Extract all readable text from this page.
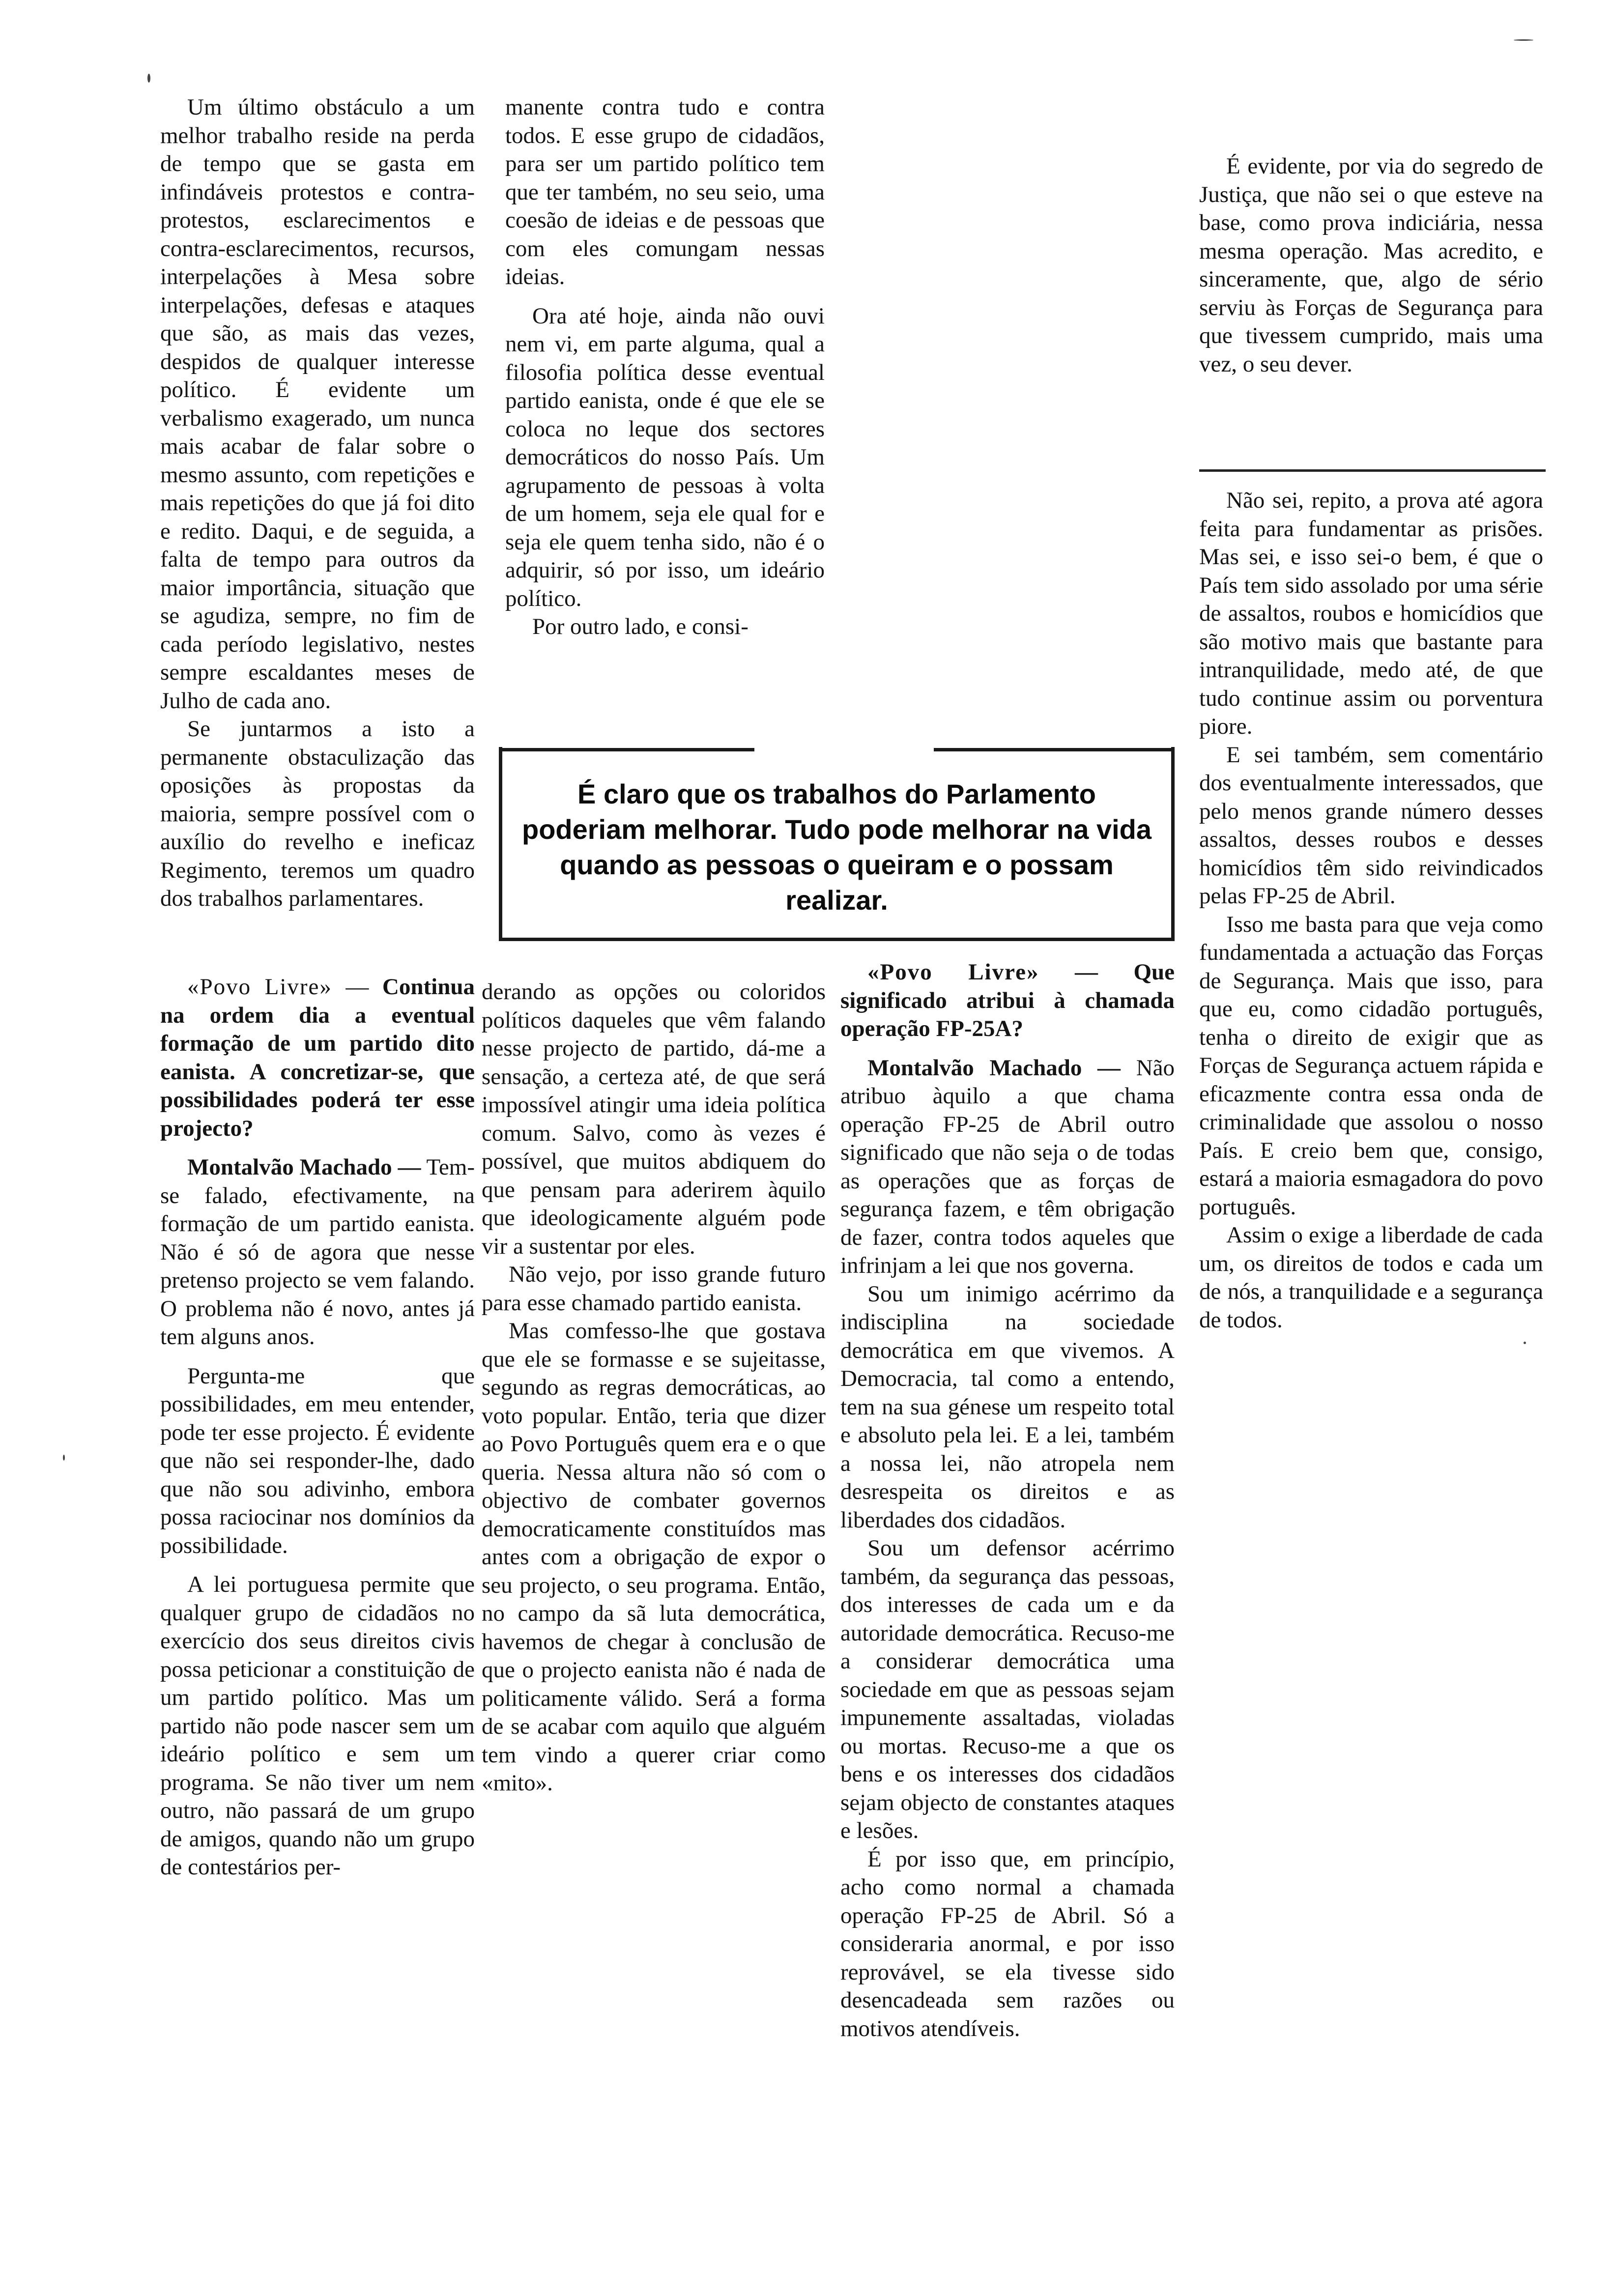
Um último obstáculo a um melhor trabalho reside na perda de tempo que se gasta em infindáveis protestos e contra-protestos, esclarecimentos e contra-esclarecimentos, recursos, interpelações à Mesa sobre interpelações, defesas e ataques que são, as mais das vezes, despidos de qualquer interesse político. É evidente um verbalismo exagerado, um nunca mais acabar de falar sobre o mesmo assunto, com repetições e mais repetições do que já foi dito e redito. Daqui, e de seguida, a falta de tempo para outros da maior importância, situação que se agudiza, sempre, no fim de cada período legislativo, nestes sempre escaldantes meses de Julho de cada ano.

Se juntarmos a isto a permanente obstaculização das oposições às propostas da maioria, sempre possível com o auxílio do revelho e ineficaz Regimento, teremos um quadro dos trabalhos parlamentares.

«Povo Livre» — Continua na ordem dia a eventual formação de um partido dito eanista. A concretizar-se, que possibilidades poderá ter esse projecto?

Montalvão Machado — Tem-se falado, efectivamente, na formação de um partido eanista. Não é só de agora que nesse pretenso projecto se vem falando. O problema não é novo, antes já tem alguns anos.

Pergunta-me que possibilidades, em meu entender, pode ter esse projecto. É evidente que não sei responder-lhe, dado que não sou adivinho, embora possa raciocinar nos domínios da possibilidade.

A lei portuguesa permite que qualquer grupo de cidadãos no exercício dos seus direitos civis possa peticionar a constituição de um partido político. Mas um partido não pode nascer sem um ideário político e sem um programa. Se não tiver um nem outro, não passará de um grupo de amigos, quando não um grupo de contestários per-

manente contra tudo e contra todos. E esse grupo de cidadãos, para ser um partido político tem que ter também, no seu seio, uma coesão de ideias e de pessoas que com eles comungam nessas ideias.

Ora até hoje, ainda não ouvi nem vi, em parte alguma, qual a filosofia política desse eventual partido eanista, onde é que ele se coloca no leque dos sectores democráticos do nosso País. Um agrupamento de pessoas à volta de um homem, seja ele qual for e seja ele quem tenha sido, não é o adquirir, só por isso, um ideário político.

Por outro lado, e consi-

derando as opções ou coloridos políticos daqueles que vêm falando nesse projecto de partido, dá-me a sensação, a certeza até, de que será impossível atingir uma ideia política comum. Salvo, como às vezes é possível, que muitos abdiquem do que pensam para aderirem àquilo que ideologicamente alguém pode vir a sustentar por eles.

Não vejo, por isso grande futuro para esse chamado partido eanista.

Mas comfesso-lhe que gostava que ele se formasse e se sujeitasse, segundo as regras democráticas, ao voto popular. Então, teria que dizer ao Povo Português quem era e o que queria. Nessa altura não só com o objectivo de combater governos democraticamente constituídos mas antes com a obrigação de expor o seu projecto, o seu programa. Então, no campo da sã luta democrática, havemos de chegar à conclusão de que o projecto eanista não é nada de politicamente válido. Será a forma de se acabar com aquilo que alguém tem vindo a querer criar como «mito».

É claro que os trabalhos do Parlamento poderiam melhorar. Tudo pode melhorar na vida quando as pessoas o queiram e o possam realizar.

«Povo Livre» — Que significado atribui à chamada operação FP-25A?

Montalvão Machado — Não atribuo àquilo a que chama operação FP-25 de Abril outro significado que não seja o de todas as operações que as forças de segurança fazem, e têm obrigação de fazer, contra todos aqueles que infrinjam a lei que nos governa.

Sou um inimigo acérrimo da indisciplina na sociedade democrática em que vivemos. A Democracia, tal como a entendo, tem na sua génese um respeito total e absoluto pela lei. E a lei, também a nossa lei, não atropela nem desrespeita os direitos e as liberdades dos cidadãos.

Sou um defensor acérrimo também, da segurança das pessoas, dos interesses de cada um e da autoridade democrática. Recuso-me a considerar democrática uma sociedade em que as pessoas sejam impunemente assaltadas, violadas ou mortas. Recuso-me a que os bens e os interesses dos cidadãos sejam objecto de constantes ataques e lesões.

É por isso que, em princípio, acho como normal a chamada operação FP-25 de Abril. Só a consideraria anormal, e por isso reprovável, se ela tivesse sido desencadeada sem razões ou motivos atendíveis.

É evidente, por via do segredo de Justiça, que não sei o que esteve na base, como prova indiciária, nessa mesma operação. Mas acredito, e sinceramente, que, algo de sério serviu às Forças de Segurança para que tivessem cumprido, mais uma vez, o seu dever.

Não sei, repito, a prova até agora feita para fundamentar as prisões. Mas sei, e isso sei-o bem, é que o País tem sido assolado por uma série de assaltos, roubos e homicídios que são motivo mais que bastante para intranquilidade, medo até, de que tudo continue assim ou porventura piore.

E sei também, sem comentário dos eventualmente interessados, que pelo menos grande número desses assaltos, desses roubos e desses homicídios têm sido reivindicados pelas FP-25 de Abril.

Isso me basta para que veja como fundamentada a actuação das Forças de Segurança. Mais que isso, para que eu, como cidadão português, tenha o direito de exigir que as Forças de Segurança actuem rápida e eficazmente contra essa onda de criminalidade que assolou o nosso País. E creio bem que, consigo, estará a maioria esmagadora do povo português.

Assim o exige a liberdade de cada um, os direitos de todos e cada um de nós, a tranquilidade e a segurança de todos.
